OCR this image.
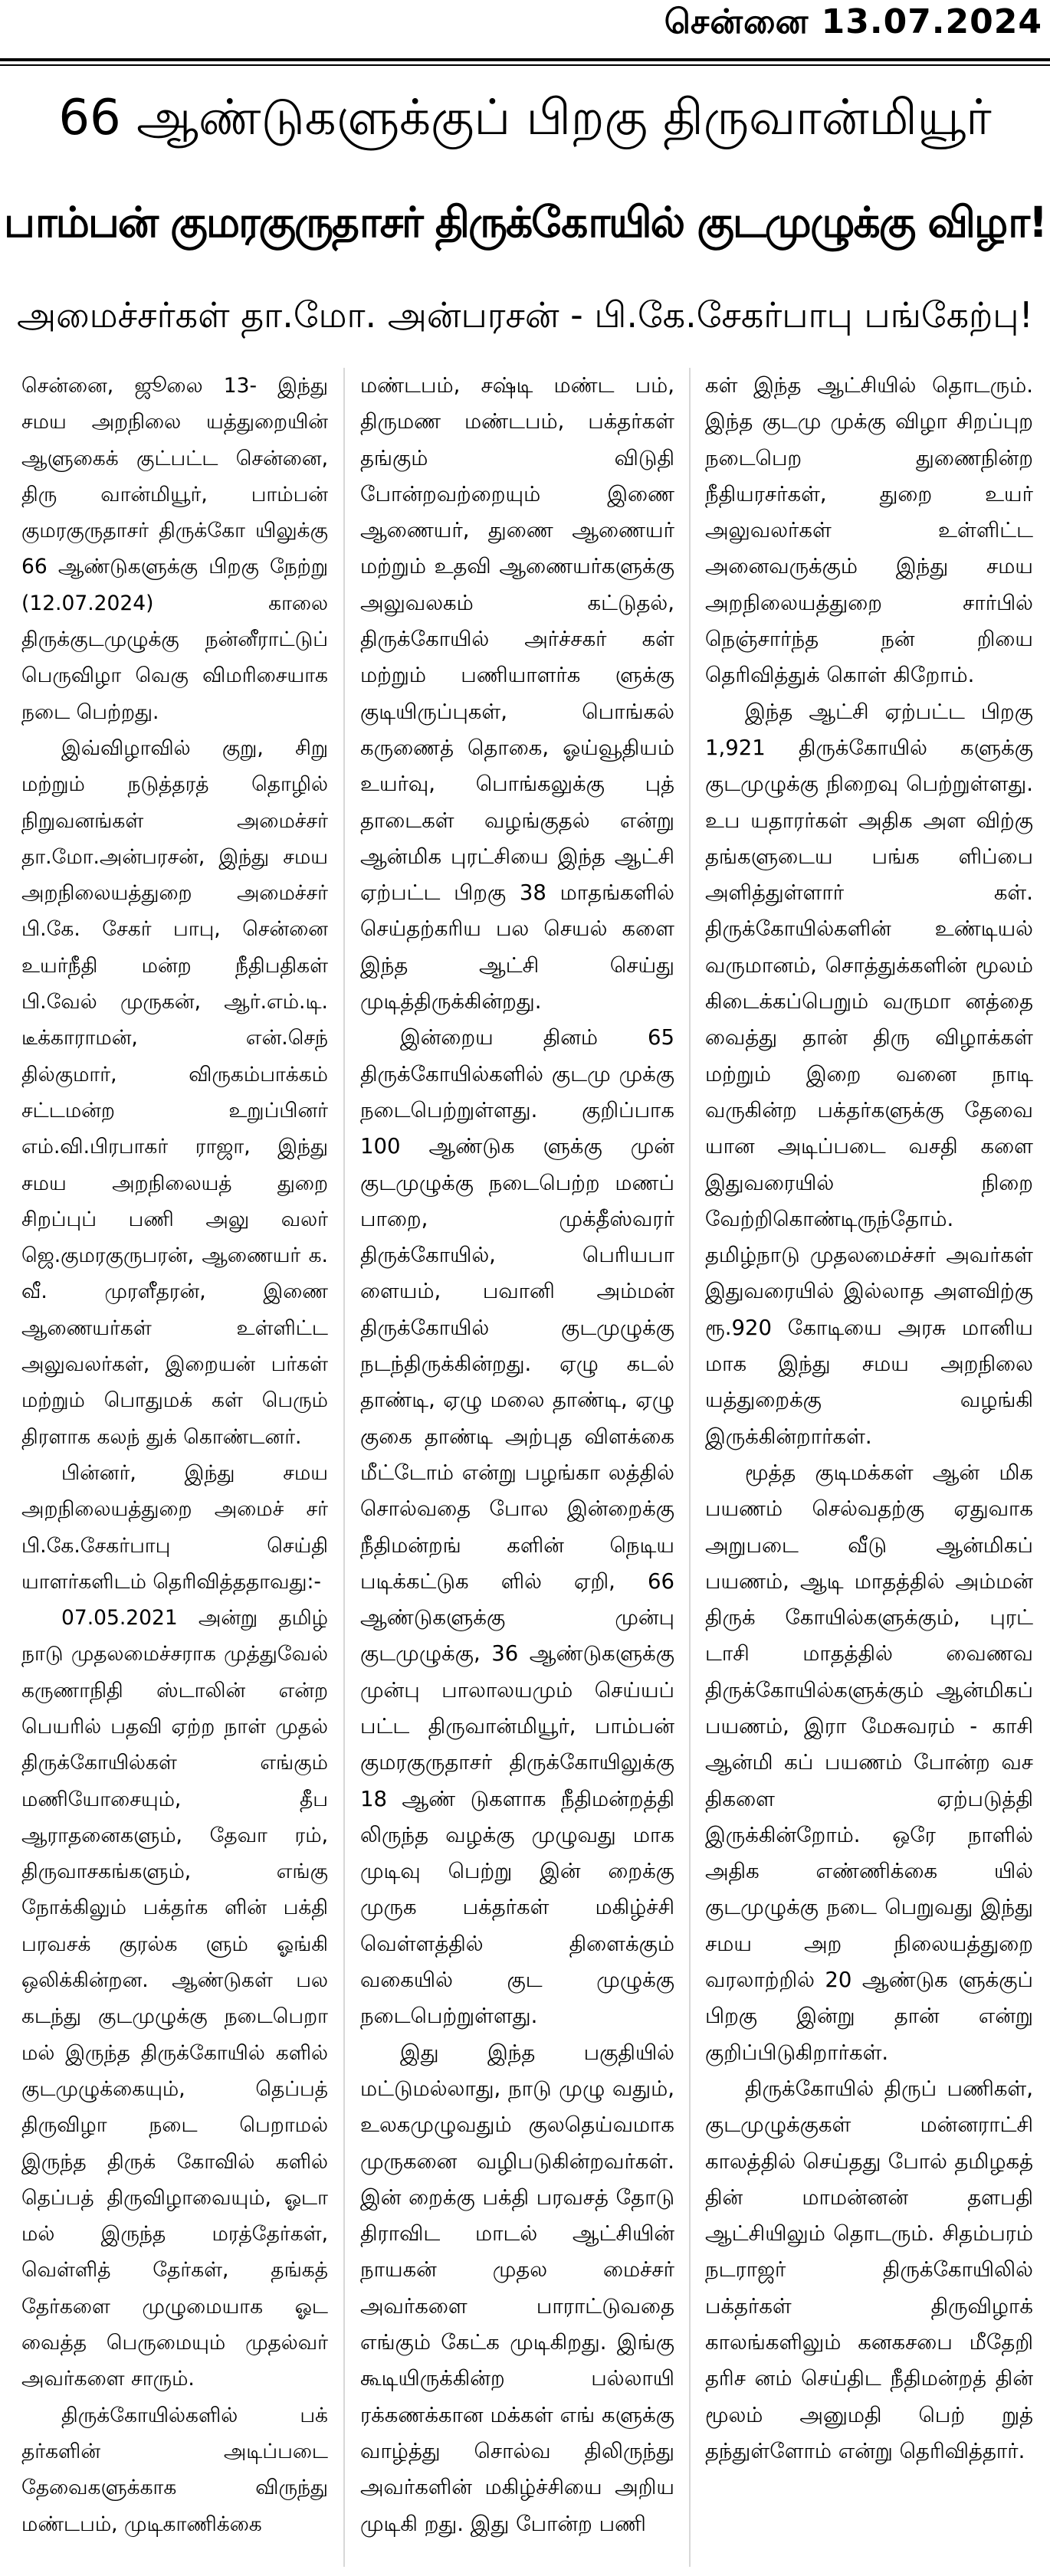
சென்னை 13.07.2024
66 ஆண்டுகளுக்குப் பிறகு திருவான்மியூர்
பாம்பன் குமரகுருதாசர் திருக்கோயில் குடமுழுக்கு விழா!
அமைச்சர்கள் தா.மோ. அன்பரசன் - பி.கே.சேகர்பாபு பங்கேற்பு!

சென்னை, ஜூலை 13- இந்து சமய அறநிலை யத்துறையின் ஆளுகைக் குட்பட்ட சென்னை, திரு வான்மியூர், பாம்பன் குமரகுருதாசர் திருக்கோ யிலுக்கு 66 ஆண்டுகளுக்கு பிறகு நேற்று (12.07.2024) காலை திருக்குடமுழுக்கு நன்னீராட்டுப் பெருவிழா வெகு விமரிசையாக நடை பெற்றது.

இவ்விழாவில் குறு, சிறு மற்றும் நடுத்தரத் தொழில் நிறுவனங்கள் அமைச்சர் தா.மோ.அன்பரசன், இந்து சமய அறநிலையத்துறை அமைச்சர் பி.கே. சேகர் பாபு, சென்னை உயர்நீதி மன்ற நீதிபதிகள் பி.வேல் முருகன், ஆர்.எம்.டி. டீக்காராமன், என்.செந் தில்குமார், விருகம்பாக்கம் சட்டமன்ற உறுப்பினர் எம்.வி.பிரபாகர் ராஜா, இந்து சமய அறநிலையத் துறை சிறப்புப் பணி அலு வலர் ஜெ.குமரகுருபரன், ஆணையர் க. வீ. முரளீதரன், இணை ஆணையர்கள் உள்ளிட்ட அலுவலர்கள், இறையன் பர்கள் மற்றும் பொதுமக் கள் பெரும் திரளாக கலந் துக் கொண்டனர்.

பின்னர், இந்து சமய அறநிலையத்துறை அமைச் சர் பி.கே.சேகர்பாபு செய்தி யாளர்களிடம் தெரிவித்ததாவது:-

07.05.2021 அன்று தமிழ் நாடு முதலமைச்சராக முத்துவேல் கருணாநிதி ஸ்டாலின் என்ற பெயரில் பதவி ஏற்ற நாள் முதல் திருக்கோயில்கள் எங்கும் மணியோசையும், தீப ஆராதனைகளும், தேவா ரம், திருவாசகங்களும், எங்கு நோக்கிலும் பக்தர்க ளின் பக்தி பரவசக் குரல்க ளும் ஓங்கி ஒலிக்கின்றன. ஆண்டுகள் பல கடந்து குடமுழுக்கு நடைபெறா மல் இருந்த திருக்கோயில் களில் குடமுழுக்கையும், தெப்பத் திருவிழா நடை பெறாமல் இருந்த திருக் கோவில் களில் தெப்பத் திருவிழாவையும், ஓடா மல் இருந்த மரத்தேர்கள், வெள்ளித் தேர்கள், தங்கத் தேர்களை முழுமையாக ஓட வைத்த பெருமையும் முதல்வர் அவர்களை சாரும்.

திருக்கோயில்களில் பக் தர்களின் அடிப்படை தேவைகளுக்காக விருந்து மண்டபம், முடிகாணிக்கை

மண்டபம், சஷ்டி மண்ட பம், திருமண மண்டபம், பக்தர்கள் தங்கும் விடுதி போன்றவற்றையும் இணை ஆணையர், துணை ஆணையர் மற்றும் உதவி ஆணையர்களுக்கு அலுவலகம் கட்டுதல், திருக்கோயில் அர்ச்சகர் கள் மற்றும் பணியாளர்க ளுக்கு குடியிருப்புகள், பொங்கல் கருணைத் தொகை, ஓய்வூதியம் உயர்வு, பொங்கலுக்கு புத் தாடைகள் வழங்குதல் என்று ஆன்மிக புரட்சியை இந்த ஆட்சி ஏற்பட்ட பிறகு 38 மாதங்களில் செய்தற்கரிய பல செயல் களை இந்த ஆட்சி செய்து முடித்திருக்கின்றது.

இன்றைய தினம் 65 திருக்கோயில்களில் குடமு முக்கு நடைபெற்றுள்ளது. குறிப்பாக 100 ஆண்டுக ளுக்கு முன் குடமுழுக்கு நடைபெற்ற மணப் பாறை, முக்தீஸ்வரர் திருக்கோயில், பெரியபா ளையம், பவானி அம்மன் திருக்கோயில் குடமுழுக்கு நடந்திருக்கின்றது. ஏழு கடல் தாண்டி, ஏழு மலை தாண்டி, ஏழு குகை தாண்டி அற்புத விளக்கை மீட்டோம் என்று பழங்கா லத்தில் சொல்வதை போல இன்றைக்கு நீதிமன்றங் களின் நெடிய படிக்கட்டுக ளில் ஏறி, 66 ஆண்டுகளுக்கு முன்பு குடமுழுக்கு, 36 ஆண்டுகளுக்கு முன்பு பாலாலயமும் செய்யப் பட்ட திருவான்மியூர், பாம்பன் குமரகுருதாசர் திருக்கோயிலுக்கு 18 ஆண் டுகளாக நீதிமன்றத்தி லிருந்த வழக்கு முழுவது மாக முடிவு பெற்று இன் றைக்கு முருக பக்தர்கள் மகிழ்ச்சி வெள்ளத்தில் திளைக்கும் வகையில் குட முழுக்கு நடைபெற்றுள்ளது.

இது இந்த பகுதியில் மட்டுமல்லாது, நாடு முழு வதும், உலகமுழுவதும் குலதெய்வமாக முருகனை வழிபடுகின்றவர்கள். இன் றைக்கு பக்தி பரவசத் தோடு திராவிட மாடல் ஆட்சியின் நாயகன் முதல மைச்சர் அவர்களை பாராட்டுவதை எங்கும் கேட்க முடிகிறது. இங்கு கூடியிருக்கின்ற பல்லாயி ரக்கணக்கான மக்கள் எங் களுக்கு வாழ்த்து சொல்வ திலிருந்து அவர்களின் மகிழ்ச்சியை அறிய முடிகி றது. இது போன்ற பணி

கள் இந்த ஆட்சியில் தொடரும். இந்த குடமு முக்கு விழா சிறப்புற நடைபெற துணைநின்ற நீதியரசர்கள், துறை உயர் அலுவலர்கள் உள்ளிட்ட அனைவருக்கும் இந்து சமய அறநிலையத்துறை சார்பில் நெஞ்சார்ந்த நன் றியை தெரிவித்துக் கொள் கிறோம்.

இந்த ஆட்சி ஏற்பட்ட பிறகு 1,921 திருக்கோயில் களுக்கு குடமுழுக்கு நிறைவு பெற்றுள்ளது. உப யதாரர்கள் அதிக அள விற்கு தங்களுடைய பங்க ளிப்பை அளித்துள்ளார் கள். திருக்கோயில்களின் உண்டியல் வருமானம், சொத்துக்களின் மூலம் கிடைக்கப்பெறும் வருமா னத்தை வைத்து தான் திரு விழாக்கள் மற்றும் இறை வனை நாடி வருகின்ற பக்தர்களுக்கு தேவை யான அடிப்படை வசதி களை இதுவரையில் நிறை வேற்றிகொண்டிருந்தோம். தமிழ்நாடு முதலமைச்சர் அவர்கள் இதுவரையில் இல்லாத அளவிற்கு ரூ.920 கோடியை அரசு மானிய மாக இந்து சமய அறநிலை யத்துறைக்கு வழங்கி இருக்கின்றார்கள்.

மூத்த குடிமக்கள் ஆன் மிக பயணம் செல்வதற்கு ஏதுவாக அறுபடை வீடு ஆன்மிகப் பயணம், ஆடி மாதத்தில் அம்மன் திருக் கோயில்களுக்கும், புரட் டாசி மாதத்தில் வைணவ திருக்கோயில்களுக்கும் ஆன்மிகப் பயணம், இரா மேசுவரம் - காசி ஆன்மி கப் பயணம் போன்ற வச திகளை ஏற்படுத்தி இருக்கின்றோம். ஒரே நாளில் அதிக எண்ணிக்கை யில் குடமுழுக்கு நடை பெறுவது இந்து சமய அற நிலையத்துறை வரலாற்றில் 20 ஆண்டுக ளுக்குப் பிறகு இன்று தான் என்று குறிப்பிடுகிறார்கள்.

திருக்கோயில் திருப் பணிகள், குடமுழுக்குகள் மன்னராட்சி காலத்தில் செய்தது போல் தமிழகத் தின் மாமன்னன் தளபதி ஆட்சியிலும் தொடரும். சிதம்பரம் நடராஜர் திருக்கோயிலில் பக்தர்கள் திருவிழாக் காலங்களிலும் கனகசபை மீதேறி தரிச னம் செய்திட நீதிமன்றத் தின் மூலம் அனுமதி பெற் றுத் தந்துள்ளோம் என்று தெரிவித்தார்.
